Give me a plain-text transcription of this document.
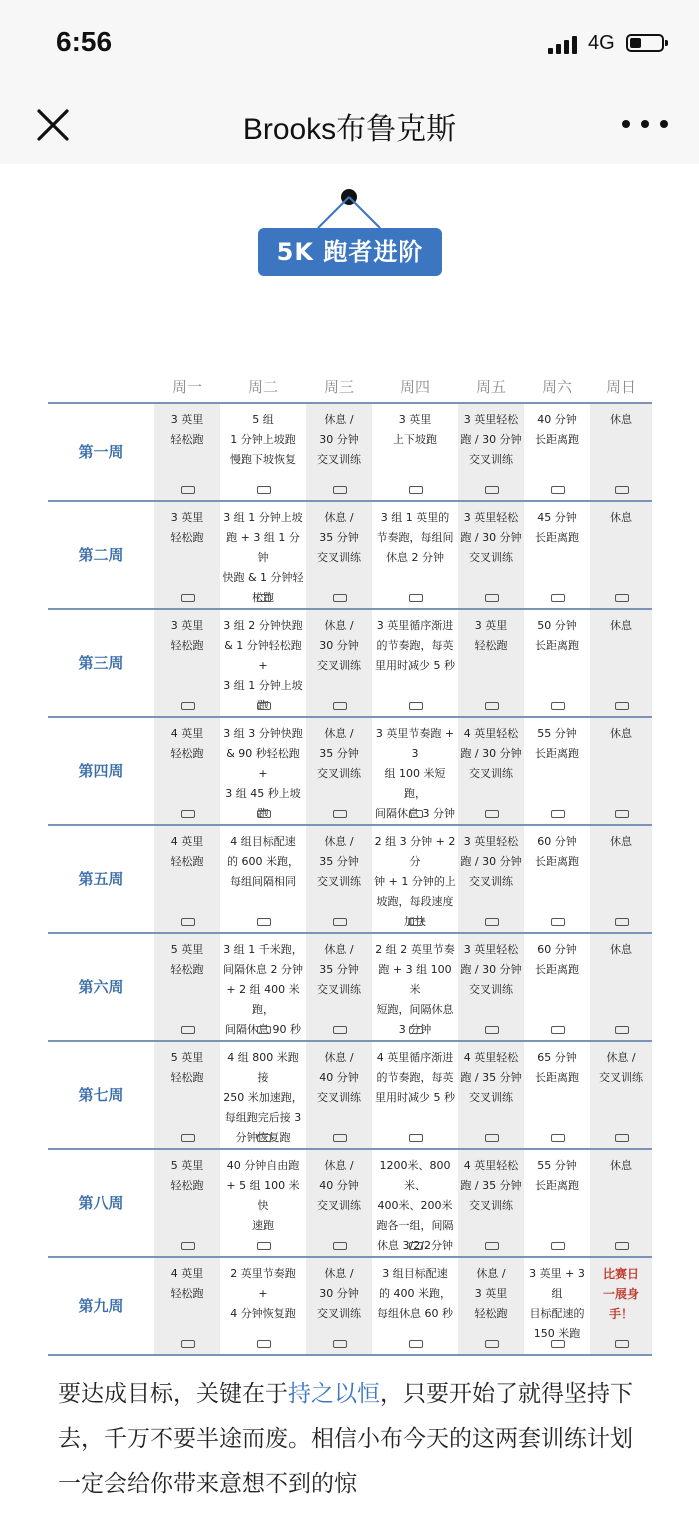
6:56	4G
Brooks布鲁克斯
5K 跑者进阶
	周一	周二	周三	周四	周五	周六	周日
第一周	3 英里
轻松跑	5 组
1 分钟上坡跑
慢跑下坡恢复	休息 /
30 分钟
交叉训练	3 英里
上下坡跑	3 英里轻松
跑 / 30 分钟
交叉训练	40 分钟
长距离跑	休息

第二周	3 英里
轻松跑	3 组 1 分钟上坡
跑 + 3 组 1 分钟
快跑 & 1 分钟轻
松跑	休息 /
35 分钟
交叉训练	3 组 1 英里的
节奏跑，每组间
休息 2 分钟	3 英里轻松
跑 / 30 分钟
交叉训练	45 分钟
长距离跑	休息

第三周	3 英里
轻松跑	3 组 2 分钟快跑
& 1 分钟轻松跑 +
3 组 1 分钟上坡
跑	休息 /
30 分钟
交叉训练	3 英里循序渐进
的节奏跑，每英
里用时减少 5 秒	3 英里
轻松跑	50 分钟
长距离跑	休息

第四周	4 英里
轻松跑	3 组 3 分钟快跑
& 90 秒轻松跑 +
3 组 45 秒上坡跑	休息 /
35 分钟
交叉训练	3 英里节奏跑 + 3
组 100 米短跑，
间隔休息 3 分钟	4 英里轻松
跑 / 30 分钟
交叉训练	55 分钟
长距离跑	休息

第五周	4 英里
轻松跑	4 组目标配速
的 600 米跑，
每组间隔相同	休息 /
35 分钟
交叉训练	2 组 3 分钟 + 2 分
钟 + 1 分钟的上
坡跑，每段速度
加快	3 英里轻松
跑 / 30 分钟
交叉训练	60 分钟
长距离跑	休息

第六周	5 英里
轻松跑	3 组 1 千米跑，
间隔休息 2 分钟
+ 2 组 400 米跑，
间隔休息 90 秒	休息 /
35 分钟
交叉训练	2 组 2 英里节奏
跑 + 3 组 100 米
短跑，间隔休息
3 分钟	3 英里轻松
跑 / 30 分钟
交叉训练	60 分钟
长距离跑	休息

第七周	5 英里
轻松跑	4 组 800 米跑接
250 米加速跑，
每组跑完后接 3
分钟恢复跑	休息 /
40 分钟
交叉训练	4 英里循序渐进
的节奏跑，每英
里用时减少 5 秒	4 英里轻松
跑 / 35 分钟
交叉训练	65 分钟
长距离跑	休息 /
交叉训练

第八周	5 英里
轻松跑	40 分钟自由跑
+ 5 组 100 米快
速跑	休息 /
40 分钟
交叉训练	1200米、800米、
400米、200米
跑各一组，间隔
休息 3/2/2分钟	4 英里轻松
跑 / 35 分钟
交叉训练	55 分钟
长距离跑	休息

第九周	4 英里
轻松跑	2 英里节奏跑
+
4 分钟恢复跑	休息 /
30 分钟
交叉训练	3 组目标配速
的 400 米跑，
每组休息 60 秒	休息 /
3 英里
轻松跑	3 英里 + 3 组
目标配速的
150 米跑	比赛日
一展身手！
要达成目标，关键在于持之以恒，只要开始了就得坚持下去，千万不要半途而废。相信小布今天的这两套训练计划一定会给你带来意想不到的惊
